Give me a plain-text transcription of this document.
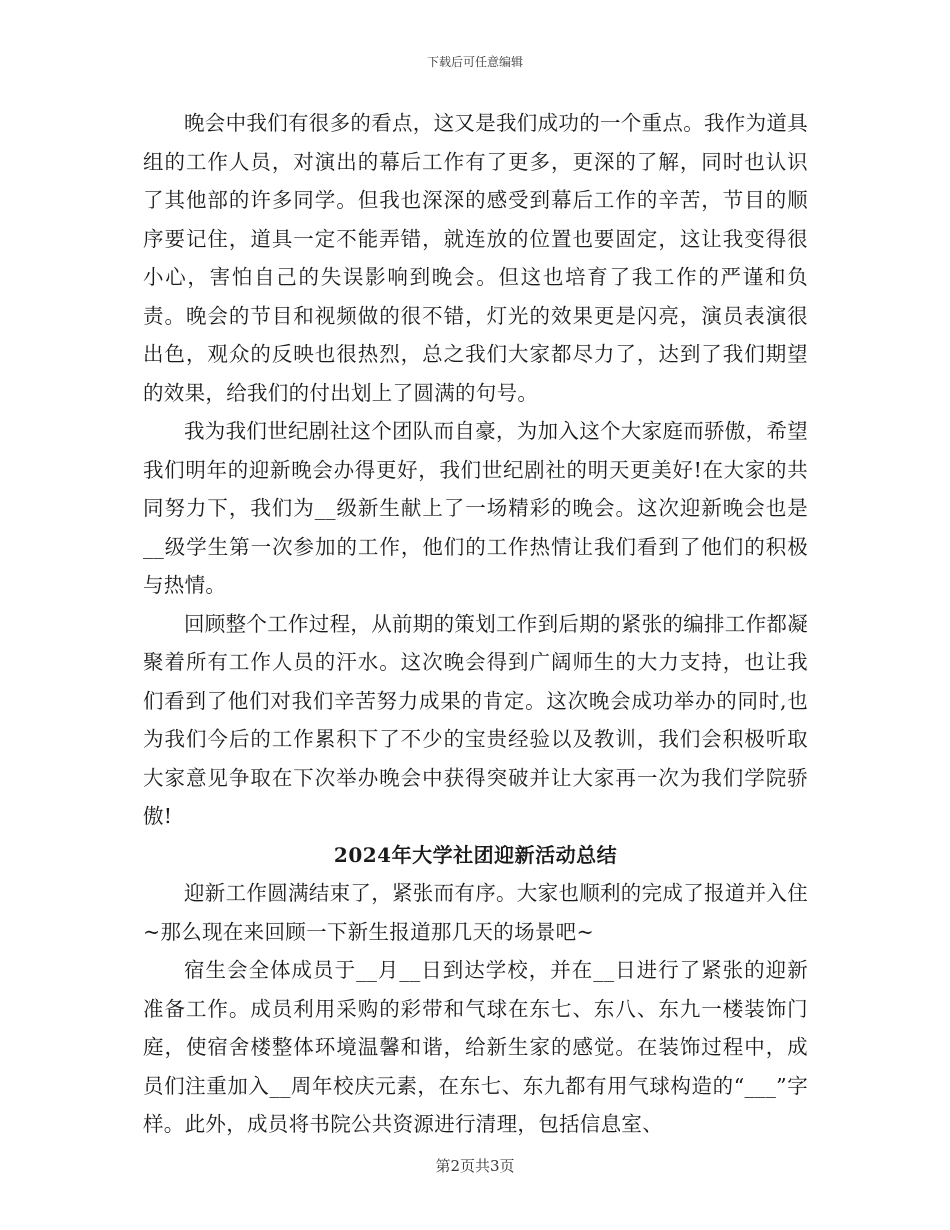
下载后可任意编辑

晚会中我们有很多的看点，这又是我们成功的一个重点。我作为道具组的工作人员，对演出的幕后工作有了更多，更深的了解，同时也认识了其他部的许多同学。但我也深深的感受到幕后工作的辛苦，节目的顺序要记住，道具一定不能弄错，就连放的位置也要固定，这让我变得很小心，害怕自己的失误影响到晚会。但这也培育了我工作的严谨和负责。晚会的节目和视频做的很不错，灯光的效果更是闪亮，演员表演很出色，观众的反映也很热烈，总之我们大家都尽力了，达到了我们期望的效果，给我们的付出划上了圆满的句号。

我为我们世纪剧社这个团队而自豪，为加入这个大家庭而骄傲，希望我们明年的迎新晚会办得更好，我们世纪剧社的明天更美好!在大家的共同努力下，我们为__级新生献上了一场精彩的晚会。这次迎新晚会也是__级学生第一次参加的工作，他们的工作热情让我们看到了他们的积极与热情。

回顾整个工作过程，从前期的策划工作到后期的紧张的编排工作都凝聚着所有工作人员的汗水。这次晚会得到广阔师生的大力支持，也让我们看到了他们对我们辛苦努力成果的肯定。这次晚会成功举办的同时,也为我们今后的工作累积下了不少的宝贵经验以及教训，我们会积极听取大家意见争取在下次举办晚会中获得突破并让大家再一次为我们学院骄傲!

2024年大学社团迎新活动总结

迎新工作圆满结束了，紧张而有序。大家也顺利的完成了报道并入住~那么现在来回顾一下新生报道那几天的场景吧~

宿生会全体成员于__月__日到达学校，并在__日进行了紧张的迎新准备工作。成员利用采购的彩带和气球在东七、东八、东九一楼装饰门庭，使宿舍楼整体环境温馨和谐，给新生家的感觉。在装饰过程中，成员们注重加入__周年校庆元素，在东七、东九都有用气球构造的“___”字样。此外，成员将书院公共资源进行清理，包括信息室、

第2页共3页
